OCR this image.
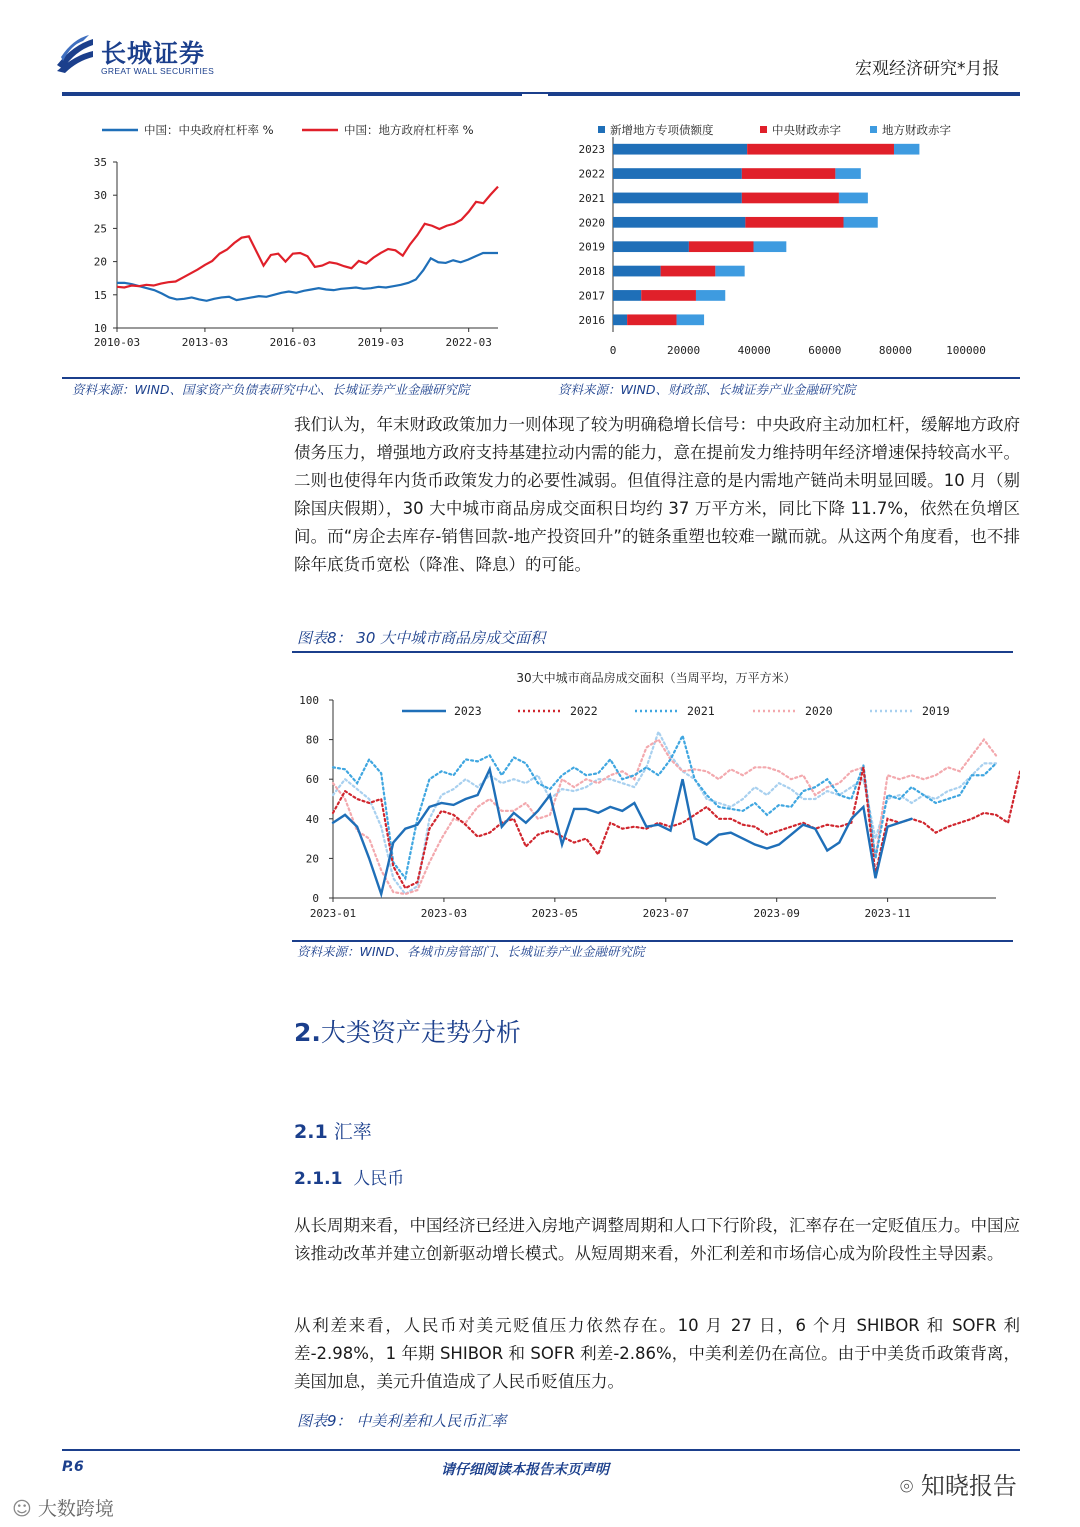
长城证券
GREAT WALL SECURITIES	宏观经济研究*月报
中国：中央政府杠杆率 %	中国：地方政府杠杆率 %
10
15
20
25
30
35
2010-03	2013-03	2016-03	2019-03	2022-03
新增地方专项债额度	中央财政赤字	地方财政赤字
0	20000	40000	60000	80000	100000
2023
2022
2021
2020
2019
2018
2017
2016
资料来源：WIND、国家资产负债表研究中心、长城证券产业金融研究院	资料来源：WIND、财政部、长城证券产业金融研究院
我们认为，年末财政政策加力一则体现了较为明确稳增长信号：中央政府主动加杠杆，缓解地方政府债务压力，增强地方政府支持基建拉动内需的能力，意在提前发力维持明年经济增速保持较高水平。二则也使得年内货币政策发力的必要性减弱。但值得注意的是内需地产链尚未明显回暖。10 月（剔除国庆假期），30 大中城市商品房成交面积日均约 37 万平方米，同比下降 11.7%，依然在负增区间。而“房企去库存-销售回款-地产投资回升”的链条重塑也较难一蹴而就。从这两个角度看，也不排除年底货币宽松（降准、降息）的可能。
图表8： 30 大中城市商品房成交面积
30大中城市商品房成交面积（当周平均，万平方米）
2023	2022	2021	2020	2019
0
20
40
60
80
100
2023-01	2023-03	2023-05	2023-07	2023-09	2023-11
资料来源：WIND、各城市房管部门、长城证券产业金融研究院
2.大类资产走势分析
2.1 汇率
2.1.1 人民币
从长周期来看，中国经济已经进入房地产调整周期和人口下行阶段，汇率存在一定贬值压力。中国应该推动改革并建立创新驱动增长模式。从短周期来看，外汇利差和市场信心成为阶段性主导因素。
从利差来看，人民币对美元贬值压力依然存在。10 月 27 日，6 个月 SHIBOR 和 SOFR 利差-2.98%，1 年期 SHIBOR 和 SOFR 利差-2.86%，中美利差仍在高位。由于中美货币政策背离，美国加息，美元升值造成了人民币贬值压力。
图表9： 中美利差和人民币汇率
P.6	请仔细阅读本报告末页声明
⌾ 知晓报告
☺ 大数跨境
